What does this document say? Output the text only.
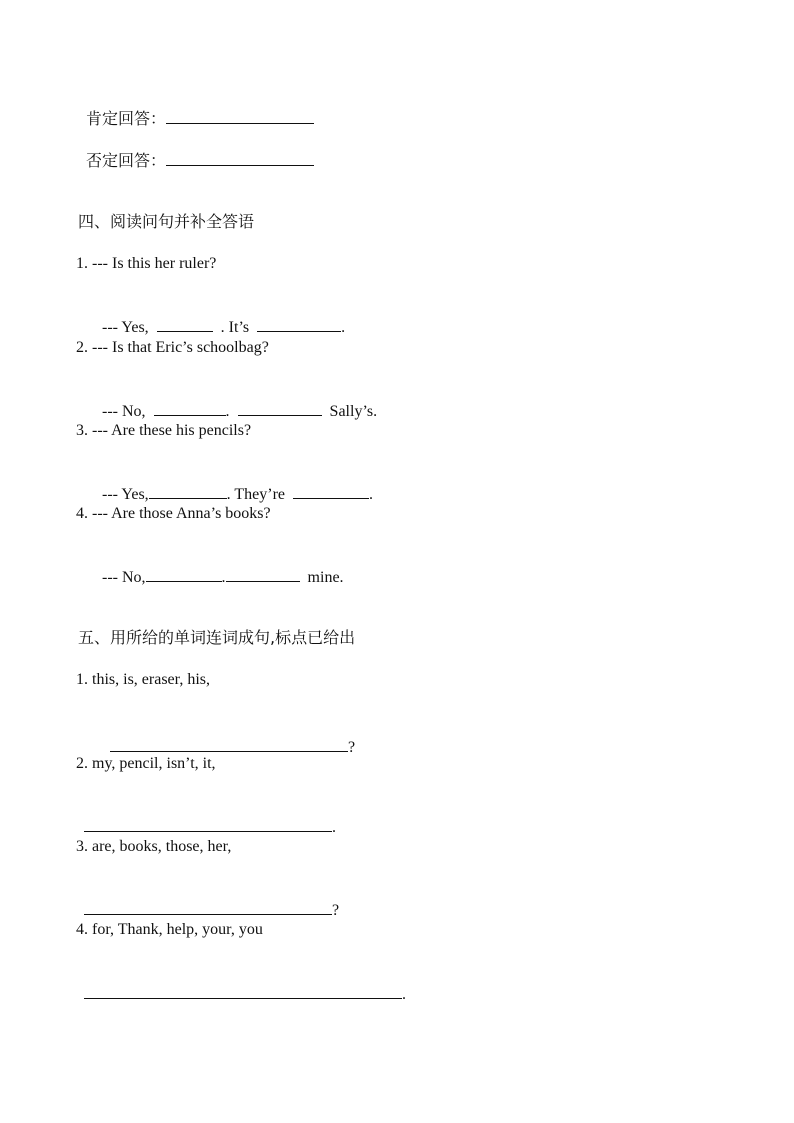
肯定回答：

否定回答：

四、阅读问句并补全答语
1. --- Is this her ruler?

--- Yes,	. It’s	.

2. --- Is that Eric’s schoolbag?

--- No,	.	Sally’s.

3. --- Are these his pencils?

--- Yes,	. They’re	.

4. --- Are those Anna’s books?

--- No,	.	mine.

五、用所给的单词连词成句,标点已给出
1. this, is, eraser, his,

?

2. my, pencil, isn’t, it,

.

3. are, books, those, her,

?

4. for, Thank, help, your, you

.
